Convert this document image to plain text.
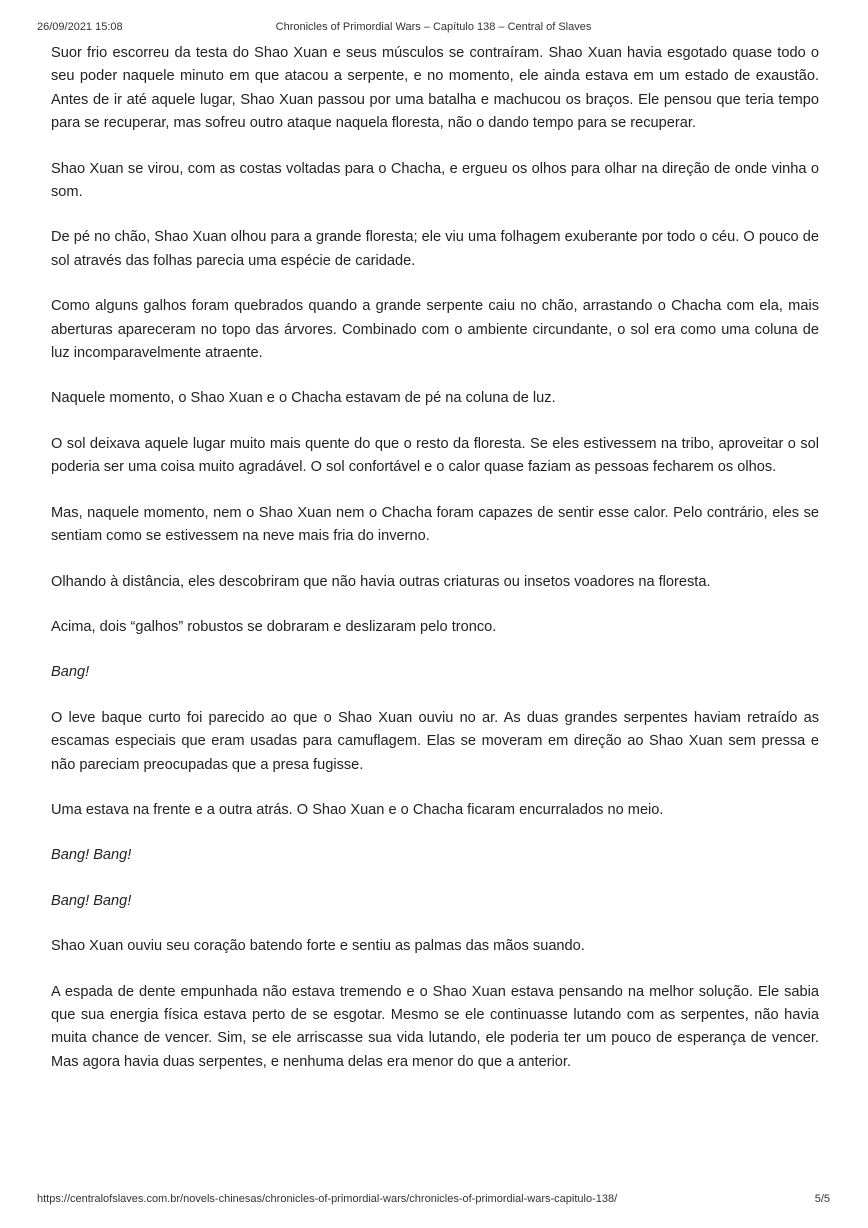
26/09/2021 15:08	Chronicles of Primordial Wars – Capítulo 138 – Central of Slaves

Suor frio escorreu da testa do Shao Xuan e seus músculos se contraíram. Shao Xuan havia esgotado quase todo o seu poder naquele minuto em que atacou a serpente, e no momento, ele ainda estava em um estado de exaustão. Antes de ir até aquele lugar, Shao Xuan passou por uma batalha e machucou os braços. Ele pensou que teria tempo para se recuperar, mas sofreu outro ataque naquela floresta, não o dando tempo para se recuperar.

Shao Xuan se virou, com as costas voltadas para o Chacha, e ergueu os olhos para olhar na direção de onde vinha o som.

De pé no chão, Shao Xuan olhou para a grande floresta; ele viu uma folhagem exuberante por todo o céu. O pouco de sol através das folhas parecia uma espécie de caridade.

Como alguns galhos foram quebrados quando a grande serpente caiu no chão, arrastando o Chacha com ela, mais aberturas apareceram no topo das árvores. Combinado com o ambiente circundante, o sol era como uma coluna de luz incomparavelmente atraente.

Naquele momento, o Shao Xuan e o Chacha estavam de pé na coluna de luz.

O sol deixava aquele lugar muito mais quente do que o resto da floresta. Se eles estivessem na tribo, aproveitar o sol poderia ser uma coisa muito agradável. O sol confortável e o calor quase faziam as pessoas fecharem os olhos.

Mas, naquele momento, nem o Shao Xuan nem o Chacha foram capazes de sentir esse calor. Pelo contrário, eles se sentiam como se estivessem na neve mais fria do inverno.

Olhando à distância, eles descobriram que não havia outras criaturas ou insetos voadores na floresta.

Acima, dois “galhos” robustos se dobraram e deslizaram pelo tronco.

Bang!

O leve baque curto foi parecido ao que o Shao Xuan ouviu no ar. As duas grandes serpentes haviam retraído as escamas especiais que eram usadas para camuflagem. Elas se moveram em direção ao Shao Xuan sem pressa e não pareciam preocupadas que a presa fugisse.

Uma estava na frente e a outra atrás. O Shao Xuan e o Chacha ficaram encurralados no meio.

Bang! Bang!

Bang! Bang!

Shao Xuan ouviu seu coração batendo forte e sentiu as palmas das mãos suando.

A espada de dente empunhada não estava tremendo e o Shao Xuan estava pensando na melhor solução. Ele sabia que sua energia física estava perto de se esgotar. Mesmo se ele continuasse lutando com as serpentes, não havia muita chance de vencer. Sim, se ele arriscasse sua vida lutando, ele poderia ter um pouco de esperança de vencer. Mas agora havia duas serpentes, e nenhuma delas era menor do que a anterior.

https://centralofslaves.com.br/novels-chinesas/chronicles-of-primordial-wars/chronicles-of-primordial-wars-capitulo-138/	5/5
